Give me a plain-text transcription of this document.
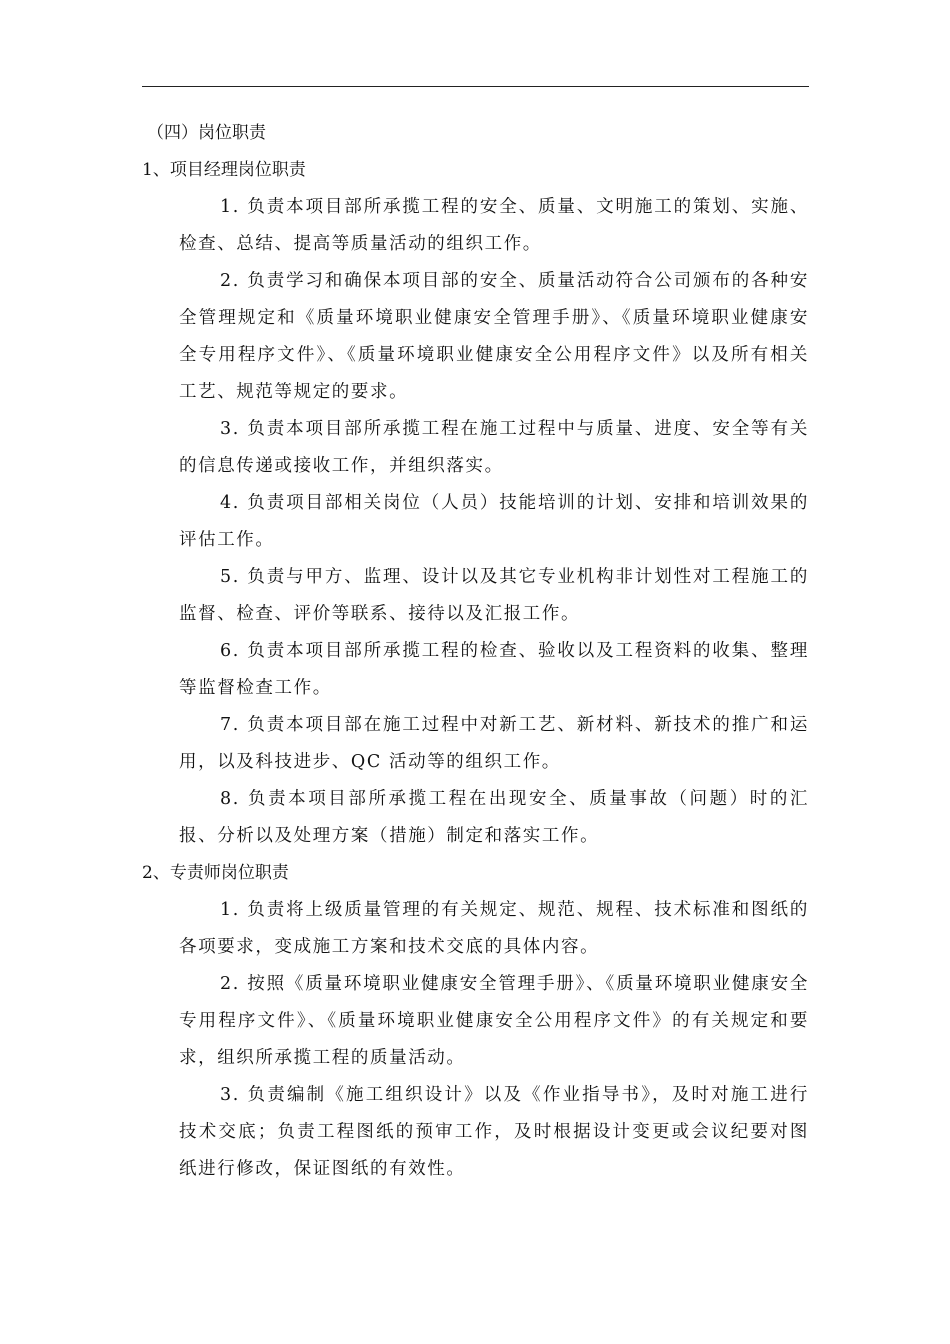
（四）岗位职责

1、项目经理岗位职责

1. 负责本项目部所承揽工程的安全、质量、文明施工的策划、实施、检查、总结、提高等质量活动的组织工作。

2. 负责学习和确保本项目部的安全、质量活动符合公司颁布的各种安全管理规定和《质量环境职业健康安全管理手册》、《质量环境职业健康安全专用程序文件》、《质量环境职业健康安全公用程序文件》以及所有相关工艺、规范等规定的要求。

3. 负责本项目部所承揽工程在施工过程中与质量、进度、安全等有关的信息传递或接收工作，并组织落实。

4. 负责项目部相关岗位（人员）技能培训的计划、安排和培训效果的评估工作。

5. 负责与甲方、监理、设计以及其它专业机构非计划性对工程施工的监督、检查、评价等联系、接待以及汇报工作。

6. 负责本项目部所承揽工程的检查、验收以及工程资料的收集、整理等监督检查工作。

7. 负责本项目部在施工过程中对新工艺、新材料、新技术的推广和运用，以及科技进步、QC 活动等的组织工作。

8. 负责本项目部所承揽工程在出现安全、质量事故（问题）时的汇报、分析以及处理方案（措施）制定和落实工作。

2、专责师岗位职责

1. 负责将上级质量管理的有关规定、规范、规程、技术标准和图纸的各项要求，变成施工方案和技术交底的具体内容。

2. 按照《质量环境职业健康安全管理手册》、《质量环境职业健康安全专用程序文件》、《质量环境职业健康安全公用程序文件》的有关规定和要求，组织所承揽工程的质量活动。

3. 负责编制《施工组织设计》以及《作业指导书》，及时对施工进行技术交底；负责工程图纸的预审工作，及时根据设计变更或会议纪要对图纸进行修改，保证图纸的有效性。
